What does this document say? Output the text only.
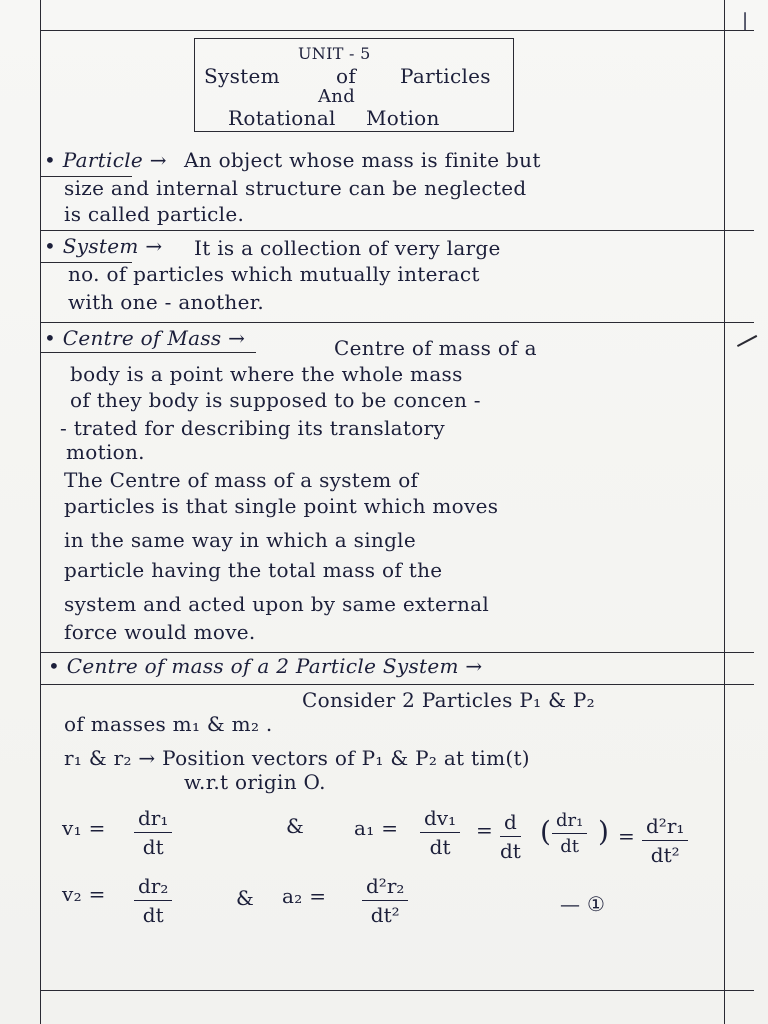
|
UNIT - 5
System	of Particles
And
Rotational Motion
• Particle → An object whose mass is finite but
size and internal structure can be neglected
is called particle.
• System → It is a collection of very large
no. of particles which mutually interact
with one - another.
• Centre of Mass →	Centre of mass of a
body is a point where the whole mass
of they body is supposed to be concen -
- trated for describing its translatory
motion.
The Centre of mass of a system of
particles is that single point which moves
in the same way in which a single
particle having the total mass of the
system and acted upon by same external
force would move.
• Centre of mass of a 2 Particle System →
Consider 2 Particles P₁ & P₂
of masses m₁ & m₂ .
r₁ & r₂ → Position vectors of P₁ & P₂ at tim(t)
w.r.t origin O.
$v_1 = \frac{\text{dr₁}}{dt}$	& $a_1 = \frac{\text{dv₁}}{dt} = \frac{d}{dt}$ ( $\frac{\text{dr₁}}{dt}$ ) = $\frac{\text{d²r₁}}{\text{dt²}}$
$v_2 = \frac{\text{dr₂}}{dt}$	& $a_2 = \frac{\text{d²r₂}}{\text{dt²}}$	— ①
